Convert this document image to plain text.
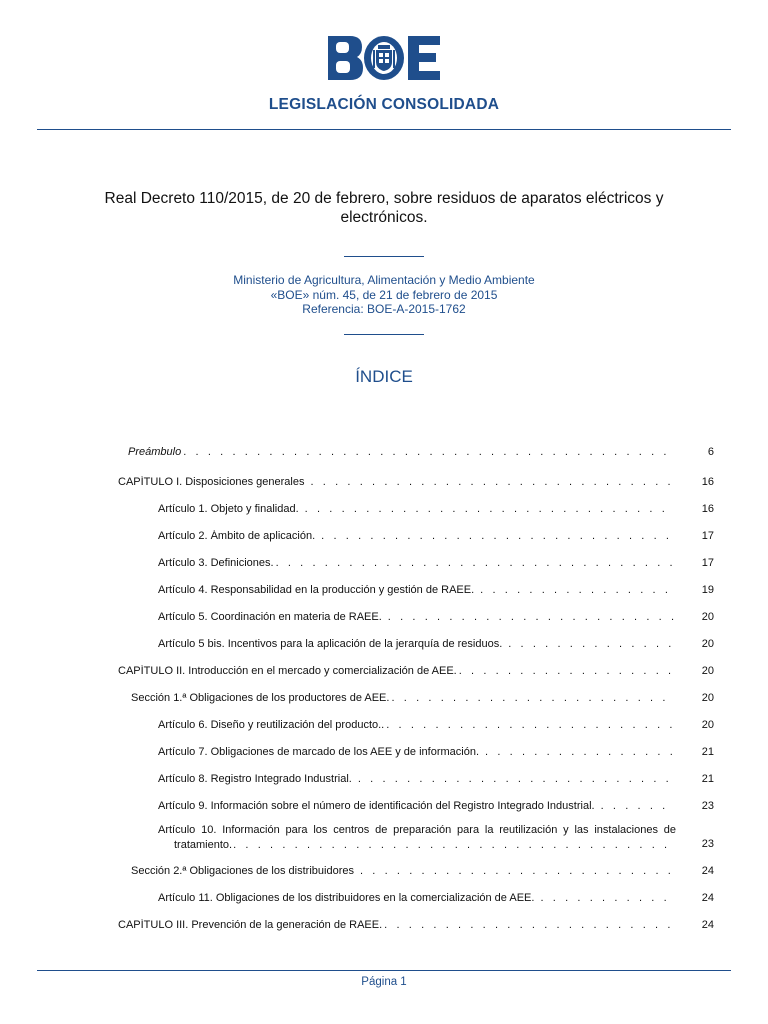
LEGISLACIÓN CONSOLIDADA
Real Decreto 110/2015, de 20 de febrero, sobre residuos de aparatos eléctricos y electrónicos.
Ministerio de Agricultura, Alimentación y Medio Ambiente
«BOE» núm. 45, de 21 de febrero de 2015
Referencia: BOE-A-2015-1762
ÍNDICE
Preámbulo . . .	6
CAPÍTULO I. Disposiciones generales . . .	16
Artículo 1. Objeto y finalidad. . . .	16
Artículo 2. Ámbito de aplicación. . . .	17
Artículo 3. Definiciones. . . .	17
Artículo 4. Responsabilidad en la producción y gestión de RAEE. . . .	19
Artículo 5. Coordinación en materia de RAEE. . . .	20
Artículo 5 bis. Incentivos para la aplicación de la jerarquía de residuos. . . .	20
CAPÍTULO II. Introducción en el mercado y comercialización de AEE. . . .	20
Sección 1.ª Obligaciones de los productores de AEE. . . .	20
Artículo 6. Diseño y reutilización del producto.. . . .	20
Artículo 7. Obligaciones de marcado de los AEE y de información. . . .	21
Artículo 8. Registro Integrado Industrial. . . .	21
Artículo 9. Información sobre el número de identificación del Registro Integrado Industrial. . . .	23
Artículo 10. Información para los centros de preparación para la reutilización y las instalaciones de
tratamiento. . . .	23
Sección 2.ª Obligaciones de los distribuidores . . .	24
Artículo 11. Obligaciones de los distribuidores en la comercialización de AEE. . . .	24
CAPÍTULO III. Prevención de la generación de RAEE. . . .	24
Página 1
